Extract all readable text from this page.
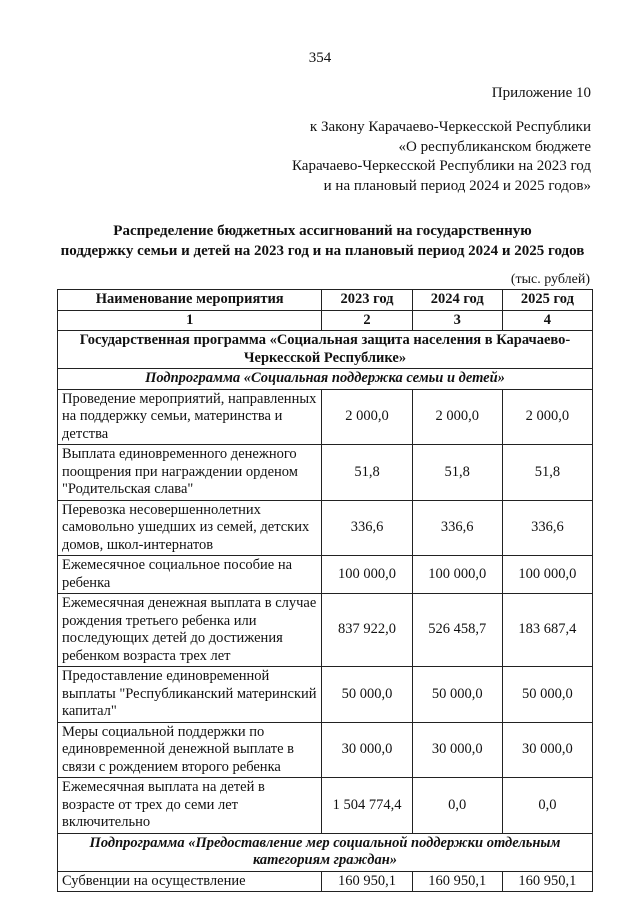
354
Приложение 10
к Закону Карачаево-Черкесской Республики
«О республиканском бюджете
Карачаево-Черкесской Республики на 2023 год
и на плановый период 2024 и 2025 годов»
Распределение бюджетных ассигнований на государственную
поддержку семьи и детей на 2023 год и на плановый период 2024 и 2025 годов
(тыс. рублей)
Наименование мероприятия	2023 год	2024 год	2025 год
1	2	3	4
Государственная программа «Социальная защита населения в Карачаево-Черкесской Республике»			
Подпрограмма «Социальная поддержка семьи и детей»			
Проведение мероприятий, направленных на поддержку семьи, материнства и детства	2 000,0	2 000,0	2 000,0
Выплата единовременного денежного поощрения при награждении орденом "Родительская слава"	51,8	51,8	51,8
Перевозка несовершеннолетних самовольно ушедших из семей, детских домов, школ-интернатов	336,6	336,6	336,6
Ежемесячное социальное пособие на ребенка	100 000,0	100 000,0	100 000,0
Ежемесячная денежная выплата в случае рождения третьего ребенка или последующих детей до достижения ребенком возраста трех лет	837 922,0	526 458,7	183 687,4
Предоставление единовременной выплаты "Республиканский материнский капитал"	50 000,0	50 000,0	50 000,0
Меры социальной поддержки по единовременной денежной выплате в связи с рождением второго ребенка	30 000,0	30 000,0	30 000,0
Ежемесячная выплата на детей в возрасте от трех до семи лет включительно	1 504 774,4	0,0	0,0
Подпрограмма «Предоставление мер социальной поддержки отдельным категориям граждан»			
Субвенции на осуществление	160 950,1	160 950,1	160 950,1
